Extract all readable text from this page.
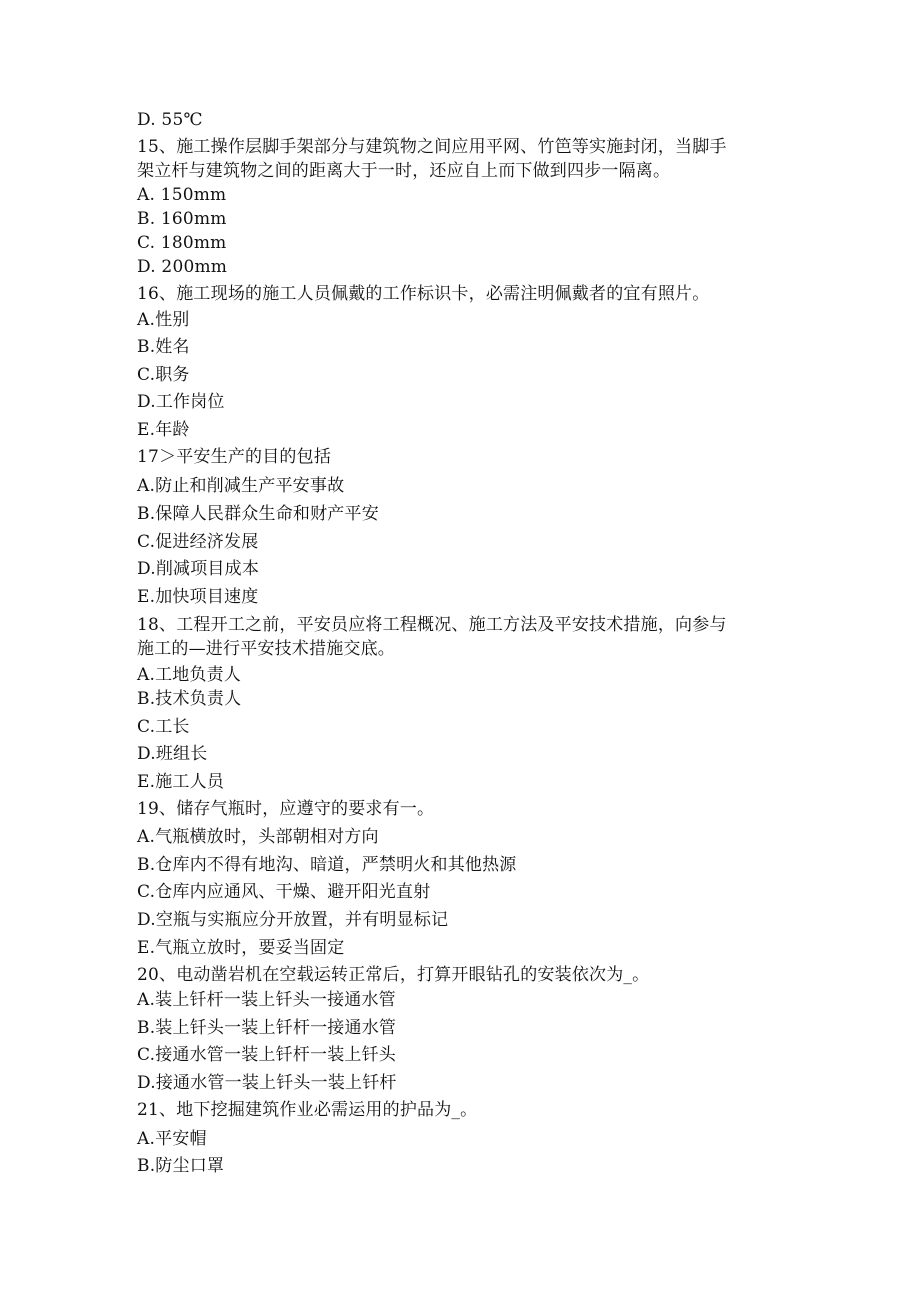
D. 55℃
15、施工操作层脚手架部分与建筑物之间应用平网、竹笆等实施封闭，当脚手
架立杆与建筑物之间的距离大于一时，还应自上而下做到四步一隔离。
A. 150mm
B. 160mm
C. 180mm
D. 200mm
16、施工现场的施工人员佩戴的工作标识卡，必需注明佩戴者的宜有照片。
A.性别
B.姓名
C.职务
D.工作岗位
E.年龄
17＞平安生产的目的包括
A.防止和削减生产平安事故
B.保障人民群众生命和财产平安
C.促进经济发展
D.削减项目成本
E.加快项目速度
18、工程开工之前，平安员应将工程概况、施工方法及平安技术措施，向参与
施工的—进行平安技术措施交底。
A.工地负责人
B.技术负责人
C.工长
D.班组长
E.施工人员
19、储存气瓶时，应遵守的要求有一。
A.气瓶横放时，头部朝相对方向
B.仓库内不得有地沟、暗道，严禁明火和其他热源
C.仓库内应通风、干燥、避开阳光直射
D.空瓶与实瓶应分开放置，并有明显标记
E.气瓶立放时，要妥当固定
20、电动凿岩机在空载运转正常后，打算开眼钻孔的安装依次为_。
A.装上钎杆一装上钎头一接通水管
B.装上钎头一装上钎杆一接通水管
C.接通水管一装上钎杆一装上钎头
D.接通水管一装上钎头一装上钎杆
21、地下挖掘建筑作业必需运用的护品为_。
A.平安帽
B.防尘口罩
